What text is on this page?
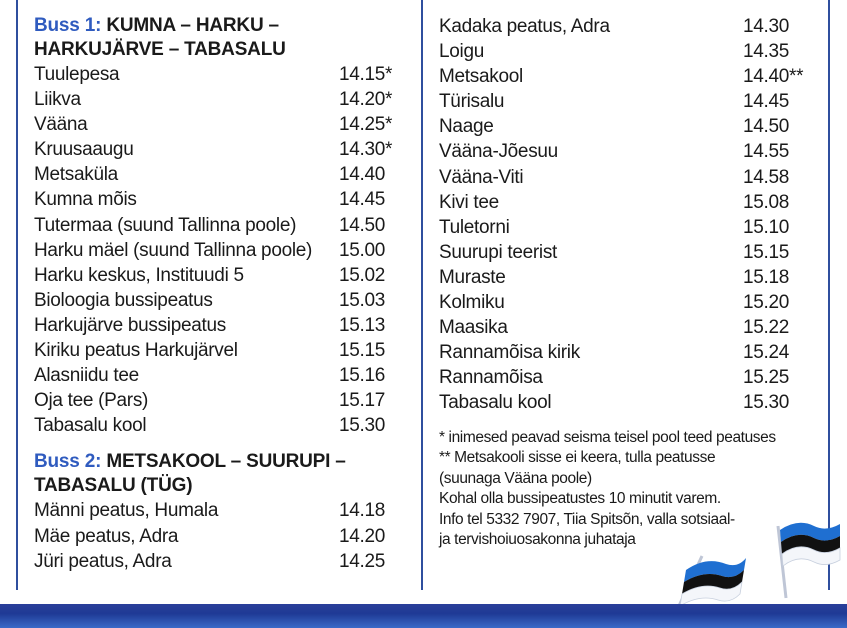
Buss 1: KUMNA – HARKU –
HARKUJÄRVE – TABASALU
Tuulepesa	14.15*
Liikva	14.20*
Vääna	14.25*
Kruusaaugu	14.30*
Metsaküla	14.40
Kumna mõis	14.45
Tutermaa (suund Tallinna poole) 14.50
Harku mäel (suund Tallinna poole) 15.00
Harku keskus, Instituudi 5	15.02
Bioloogia bussipeatus	15.03
Harkujärve bussipeatus	15.13
Kiriku peatus Harkujärvel	15.15
Alasniidu tee	15.16
Oja tee (Pars)	15.17
Tabasalu kool	15.30
Buss 2: METSAKOOL – SUURUPI –
TABASALU (TÜG)
Männi peatus, Humala	14.18
Mäe peatus, Adra	14.20
Jüri peatus, Adra	14.25
Kadaka peatus, Adra	14.30
Loigu	14.35
Metsakool	14.40**
Türisalu	14.45
Naage	14.50
Vääna-Jõesuu	14.55
Vääna-Viti	14.58
Kivi tee	15.08
Tuletorni	15.10
Suurupi teerist	15.15
Muraste	15.18
Kolmiku	15.20
Maasika	15.22
Rannamõisa kirik	15.24
Rannamõisa	15.25
Tabasalu kool	15.30
* inimesed peavad seisma teisel pool teed peatuses
** Metsakooli sisse ei keera, tulla peatusse
(suunaga Vääna poole)
Kohal olla bussipeatustes 10 minutit varem.
Info tel 5332 7907, Tiia Spitsõn, valla sotsiaal-
ja tervishoiuosakonna juhataja
